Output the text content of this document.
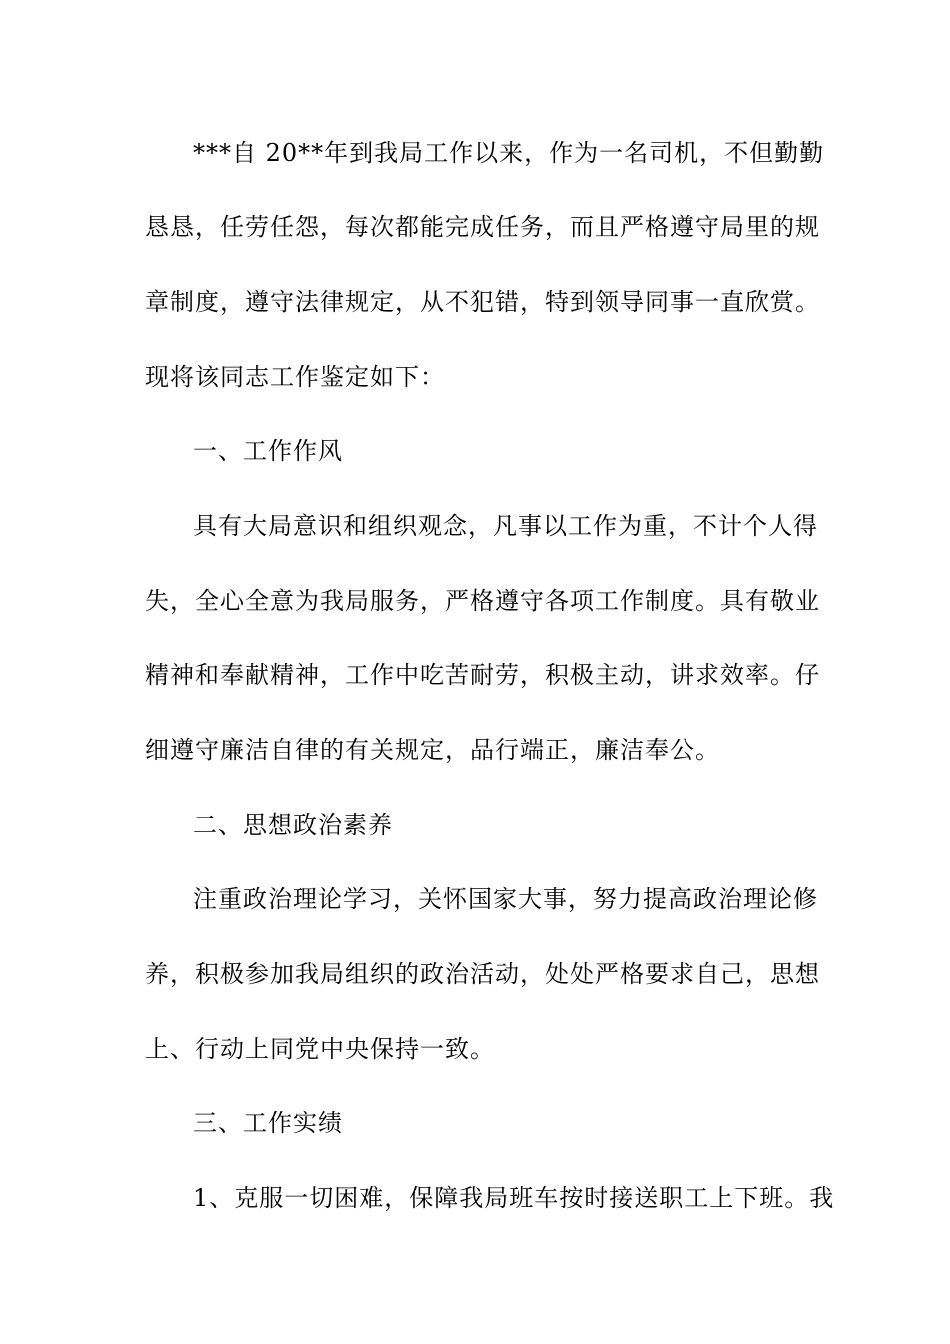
***自 20**年到我局工作以来，作为一名司机，不但勤勤
恳恳，任劳任怨，每次都能完成任务，而且严格遵守局里的规
章制度，遵守法律规定，从不犯错，特到领导同事一直欣赏。
现将该同志工作鉴定如下：
一、工作作风
具有大局意识和组织观念，凡事以工作为重，不计个人得
失，全心全意为我局服务，严格遵守各项工作制度。具有敬业
精神和奉献精神，工作中吃苦耐劳，积极主动，讲求效率。仔
细遵守廉洁自律的有关规定，品行端正，廉洁奉公。
二、思想政治素养
注重政治理论学习，关怀国家大事，努力提高政治理论修
养，积极参加我局组织的政治活动，处处严格要求自己，思想
上、行动上同党中央保持一致。
三、工作实绩
1、克服一切困难，保障我局班车按时接送职工上下班。我
